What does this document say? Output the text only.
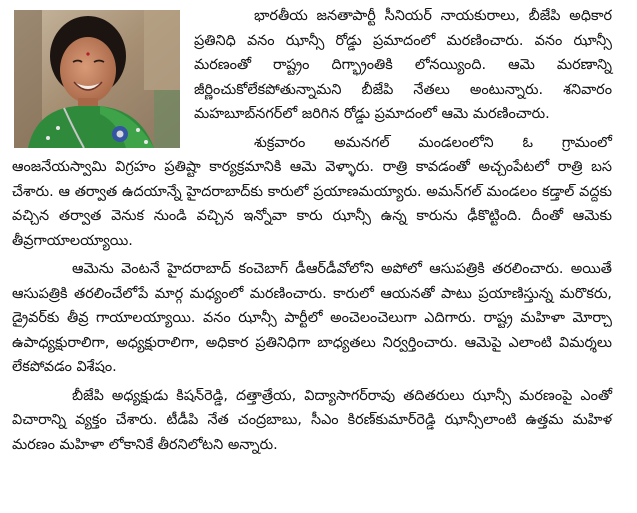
భారతీయ జనతాపార్టీ సీనియర్ నాయకురాలు, బీజేపి అధికార ప్రతినిధి వనం ఝాన్సీ రోడ్డు ప్రమాదంలో మరణించారు. వనం ఝాన్సీ మరణంతో రాష్ట్రం దిగ్భ్రాంతికి లోనయ్యింది. ఆమె మరణాన్ని జీర్ణించుకోలేకపోతున్నామని బీజేపి నేతలు అంటున్నారు. శనివారం మహబూబ్‌నగర్‌లో జరిగిన రోడ్డు ప్రమాదంలో ఆమె మరణించారు.

శుక్రవారం అమనగల్ మండలంలోని ఓ గ్రామంలో ఆంజనేయస్వామి విగ్రహం ప్రతిష్టా కార్యక్రమానికి ఆమె వెళ్ళారు. రాత్రి కావడంతో అచ్చంపేటలో రాత్రి బస చేశారు. ఆ తర్వాత ఉదయాన్నే హైదరాబాద్‌కు కారులో ప్రయాణమయ్యారు. అమన్‌గల్ మండలం కడ్తాల్ వద్దకు వచ్చిన తర్వాత వెనుక నుండి వచ్చిన ఇన్నోవా కారు ఝాన్సీ ఉన్న కారును ఢీకొట్టింది. దీంతో ఆమెకు తీవ్రగాయాలయ్యాయి.

ఆమెను వెంటనే హైదరాబాద్ కంచెబాగ్ డీఆర్‌డీవోలోని అపోలో ఆసుపత్రికి తరలించారు. అయితే ఆసుపత్రికి తరలించేలోపే మార్గ మధ్యంలో మరణించారు. కారులో ఆయనతో పాటు ప్రయాణిస్తున్న మరొకరు, డ్రైవర్‌కు తీవ్ర గాయాలయ్యాయి. వనం ఝాన్సీ పార్టీలో అంచెలంచెలుగా ఎదిగారు. రాష్ట్ర మహిళా మోర్చా ఉపాధ్యక్షురాలిగా, అధ్యక్షురాలిగా, అధికార ప్రతినిధిగా బాధ్యతలు నిర్వర్తించారు. ఆమెపై ఎలాంటి విమర్శలు లేకపోవడం విశేషం.

బీజేపి అధ్యక్షుడు కిషన్‌రెడ్డి, దత్తాత్రేయ, విద్యాసాగర్‌రావు తదితరులు ఝాన్సీ మరణంపై ఎంతో విచారాన్ని వ్యక్తం చేశారు. టీడీపి నేత చంద్రబాబు, సీఎం కిరణ్‌కుమార్‌రెడ్డి ఝాన్సీలాంటి ఉత్తమ మహిళ మరణం మహిళా లోకానికే తీరనిలోటని అన్నారు.
